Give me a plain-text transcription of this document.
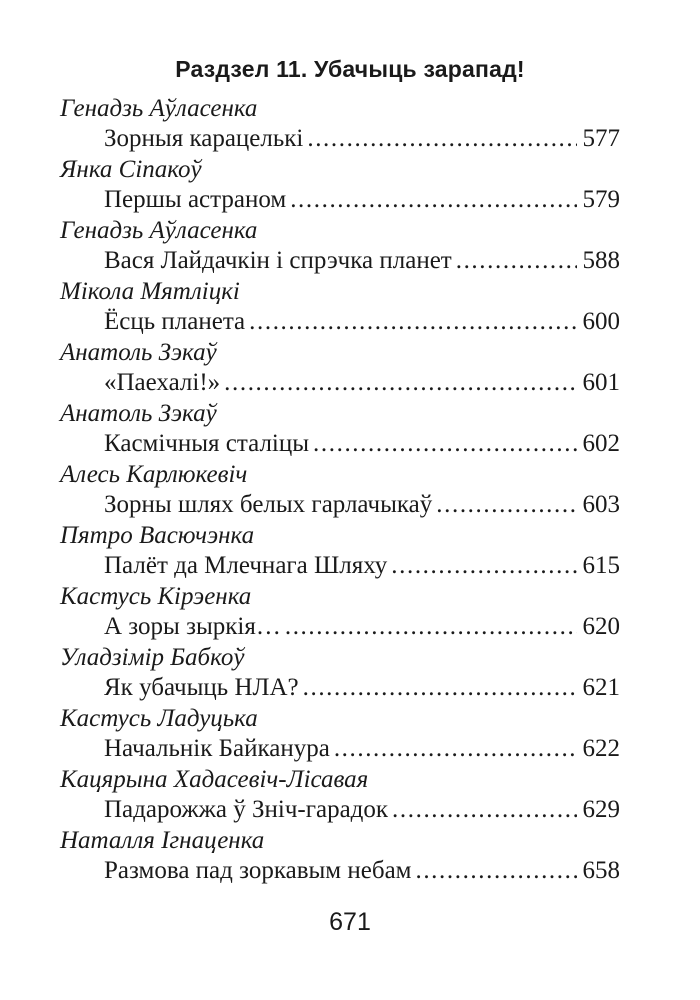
Раздзел 11. Убачыць зарапад!
Генадзь Аўласенка
Зорныя карацелькі .....	577
Янка Сіпакоў
Першы астраном .....	579
Генадзь Аўласенка
Вася Лайдачкін і спрэчка планет .....	588
Мікола Мятліцкі
Ёсць планета .....	600
Анатоль Зэкаў
«Паехалі!» .....	601
Анатоль Зэкаў
Касмічныя сталіцы .....	602
Алесь Карлюкевіч
Зорны шлях белых гарлачыкаў .....	603
Пятро Васючэнка
Палёт да Млечнага Шляху .....	615
Кастусь Кірэенка
А зоры зыркія… .....	620
Уладзімір Бабкоў
Як убачыць НЛА? .....	621
Кастусь Ладуцька
Начальнік Байканура .....	622
Кацярына Хадасевіч-Лісавая
Падарожжа ў Зніч-гарадок .....	629
Наталля Ігнаценка
Размова пад зоркавым небам .....	658
671
